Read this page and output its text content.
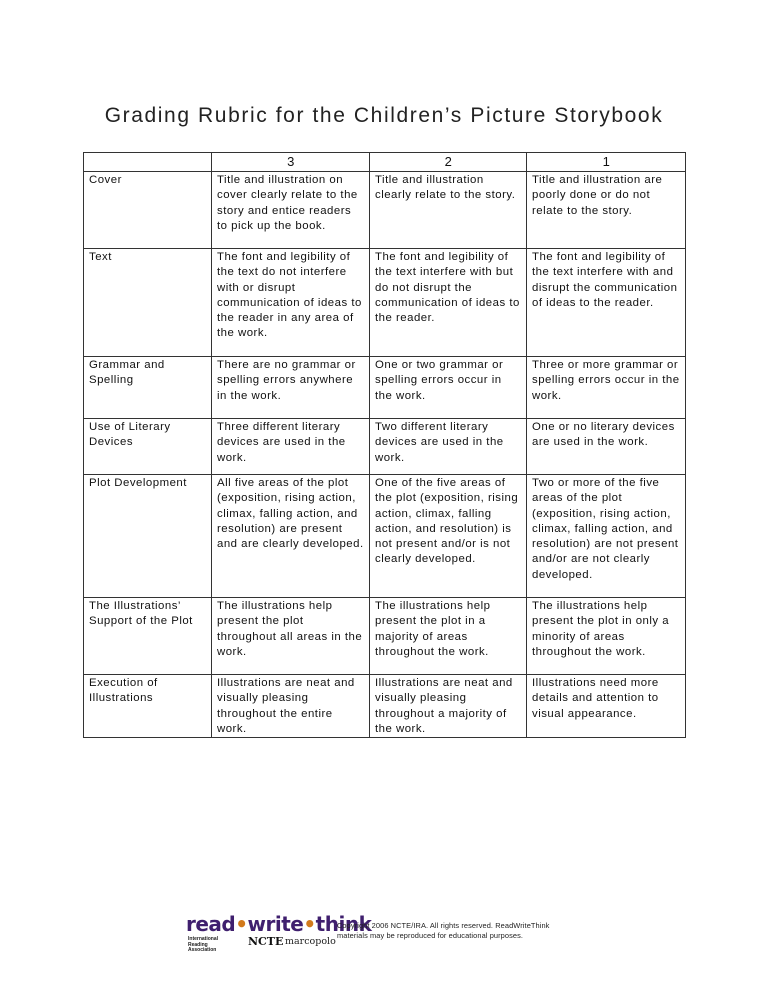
Grading Rubric for the Children’s Picture Storybook
	3	2	1
Cover	Title and illustration on cover clearly relate to the story and entice readers to pick up the book.	Title and illustration clearly relate to the story.	Title and illustration are poorly done or do not relate to the story.
Text	The font and legibility of the text do not interfere with or disrupt communication of ideas to the reader in any area of the work.	The font and legibility of the text interfere with but do not disrupt the communication of ideas to the reader.	The font and legibility of the text interfere with and disrupt the communication of ideas to the reader.
Grammar and Spelling	There are no grammar or spelling errors anywhere in the work.	One or two grammar or spelling errors occur in the work.	Three or more grammar or spelling errors occur in the work.
Use of Literary Devices	Three different literary devices are used in the work.	Two different literary devices are used in the work.	One or no literary devices are used in the work.
Plot Development	All five areas of the plot (exposition, rising action, climax, falling action, and resolution) are present and are clearly developed.	One of the five areas of the plot (exposition, rising action, climax, falling action, and resolution) is not present and/or is not clearly developed.	Two or more of the five areas of the plot (exposition, rising action, climax, falling action, and resolution) are not present and/or are not clearly developed.
The Illustrations’ Support of the Plot	The illustrations help present the plot throughout all areas in the work.	The illustrations help present the plot in a majority of areas throughout the work.	The illustrations help present the plot in only a minority of areas throughout the work.
Execution of Illustrations	Illustrations are neat and visually pleasing throughout the entire work.	Illustrations are neat and visually pleasing throughout a majority of the work.	Illustrations need more details and attention to visual appearance.
read•write•think
International Reading Association
NCTE marcopolo
Copyright 2006 NCTE/IRA. All rights reserved. ReadWriteThink
materials may be reproduced for educational purposes.
